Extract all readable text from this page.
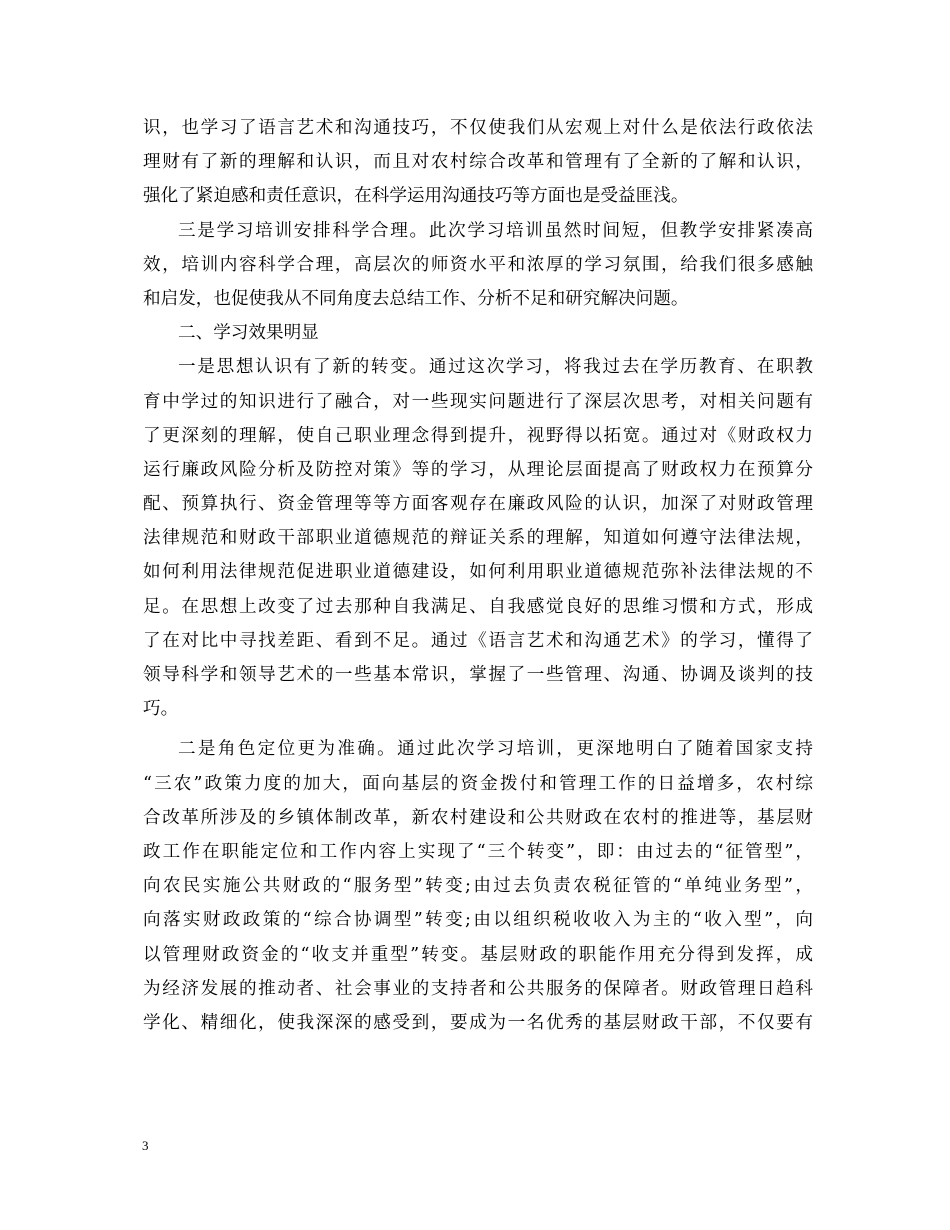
识，也学习了语言艺术和沟通技巧，不仅使我们从宏观上对什么是依法行政依法
理财有了新的理解和认识，而且对农村综合改革和管理有了全新的了解和认识，
强化了紧迫感和责任意识，在科学运用沟通技巧等方面也是受益匪浅。
三是学习培训安排科学合理。此次学习培训虽然时间短，但教学安排紧凑高
效，培训内容科学合理，高层次的师资水平和浓厚的学习氛围，给我们很多感触
和启发，也促使我从不同角度去总结工作、分析不足和研究解决问题。
二、学习效果明显
一是思想认识有了新的转变。通过这次学习，将我过去在学历教育、在职教
育中学过的知识进行了融合，对一些现实问题进行了深层次思考，对相关问题有
了更深刻的理解，使自己职业理念得到提升，视野得以拓宽。通过对《财政权力
运行廉政风险分析及防控对策》等的学习，从理论层面提高了财政权力在预算分
配、预算执行、资金管理等等方面客观存在廉政风险的认识，加深了对财政管理
法律规范和财政干部职业道德规范的辩证关系的理解，知道如何遵守法律法规，
如何利用法律规范促进职业道德建设，如何利用职业道德规范弥补法律法规的不
足。在思想上改变了过去那种自我满足、自我感觉良好的思维习惯和方式，形成
了在对比中寻找差距、看到不足。通过《语言艺术和沟通艺术》的学习，懂得了
领导科学和领导艺术的一些基本常识，掌握了一些管理、沟通、协调及谈判的技
巧。
二是角色定位更为准确。通过此次学习培训，更深地明白了随着国家支持
“三农”政策力度的加大，面向基层的资金拨付和管理工作的日益增多，农村综
合改革所涉及的乡镇体制改革，新农村建设和公共财政在农村的推进等，基层财
政工作在职能定位和工作内容上实现了“三个转变”，即：由过去的“征管型”，
向农民实施公共财政的“服务型”转变;由过去负责农税征管的“单纯业务型”，
向落实财政政策的“综合协调型”转变;由以组织税收收入为主的“收入型”，向
以管理财政资金的“收支并重型”转变。基层财政的职能作用充分得到发挥，成
为经济发展的推动者、社会事业的支持者和公共服务的保障者。财政管理日趋科
学化、精细化，使我深深的感受到，要成为一名优秀的基层财政干部，不仅要有
3
